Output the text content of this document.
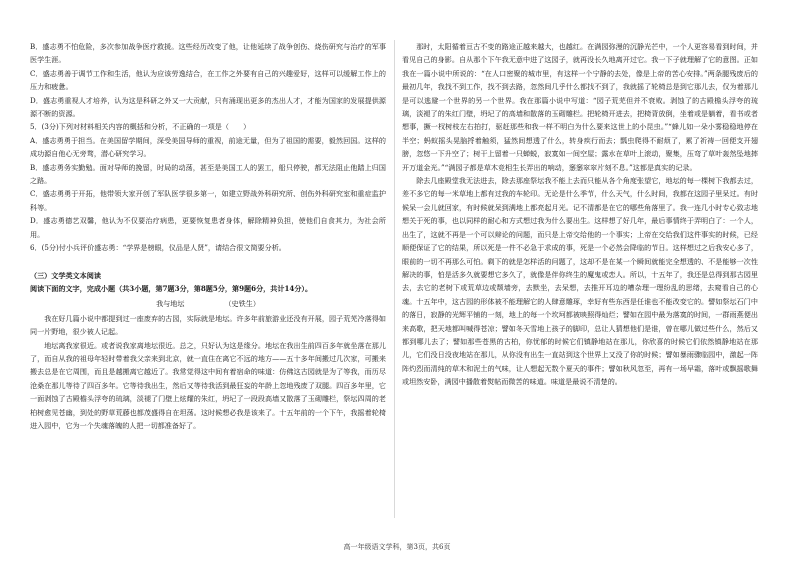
B．盛志勇不怕危险，多次参加战争医疗救援。这些经历改变了他，让他延续了战争创伤、烧伤研究与治疗的军事医学生涯。

C．盛志勇善于调节工作和生活，他认为应该劳逸结合，在工作之外要有自己的兴趣爱好，这样可以缓解工作上的压力和疲惫。

D．盛志勇重视人才培养，认为这是科研之外又一大贡献，只有涌现出更多的杰出人才，才能为国家的发展提供源源不断的资源。

5．(3分)下列对材料相关内容的概括和分析，不正确的一项是（　　）

A．盛志勇勇于担当。在美国留学期间，深受美国导师的重视，前途无量，但为了祖国的需要，毅然回国。这样的成功源自他心无旁骛，潜心研究学习。

B．盛志勇务实勤勉。面对导师的挽留，时局的动荡，甚至是美国工人的罢工，船只停驶，都无法阻止他踏上归国之路。

C．盛志勇勇于开拓，他带领大家开创了军队医学很多第一，如建立野战外科研究所、创伤外科研究室和重症监护科等。

D．盛志勇德艺双馨，他认为不仅要治疗病患，更要恢复患者身体，解除精神负担，使他们自食其力，为社会所用。

6．(5分)付小兵评价盛志勇：“学界是榜眼，仪品是人贤”，请结合很文简要分析。

（三）文学类文本阅读

阅读下面的文字，完成小题（共3小题，第7题3分，第8题5分，第9题6分，共计14分）。

我与地坛	（史铁生）

我在好几篇小说中都提到过一座废弃的古园，实际就是地坛。许多年前旅游业还没有开展，园子荒芜冷落得如同一片野地，很少被人记起。

地坛离我家很近。或者说我家离地坛很近。总之，只好认为这是缘分。地坛在我出生前四百多年就坐落在那儿了，而自从我的祖母年轻时带着我父亲来到北京，就一直住在离它不远的地方——五十多年间搬过几次家，可搬来搬去总是在它周围，而且是越搬离它越近了。我常觉得这中间有着宿命的味道：仿佛这古园就是为了等我，而历尽沧桑在那儿等待了四百多年。它等待我出生，然后又等待我活到最狂妄的年龄上忽地残废了双腿。四百多年里，它一面剥蚀了古殿檐头浮夸的琉璃，淡褪了门壁上炫耀的朱红，坍圮了一段段高墙又散落了玉砌雕栏，祭坛四周的老柏树愈见苍幽，到处的野草荒藤也都茂盛得自在坦荡。这时候想必我是该来了。十五年前的一个下午，我摇着轮椅进入园中，它为一个失魂落魄的人把一切都准备好了。

那时，太阳循着亘古不变的路途正越来越大，也越红。在满园弥漫的沉静光芒中，一个人更容易看到时间，并看见自己的身影。自从那个下午我无意中进了这园子，就再没长久地离开过它。我一下子就理解了它的意图。正如我在一篇小说中所说的：“在人口密聚的城市里，有这样一个宁静的去处，像是上帝的苦心安排。”两条腿残废后的最初几年，我找不到工作，找不到去路，忽然间几乎什么都找不到了，我就摇了轮椅总是到它那儿去，仅为着那儿是可以逃避一个世界的另一个世界。我在那篇小说中写道：“园子荒芜但并不衰败。剥蚀了的古殿檐头浮夸的琉璃，淡褪了的朱红门壁，坍圮了的高墙和散落的玉砌雕栏。把轮椅开进去，把椅背放倒，坐着或是躺着，看书或者想事，撅一杈树枝左右拍打，驱赶那些和我一样不明白为什么要来这世上的小昆虫。”“蜂儿如一朵小雾稳稳地停在半空；蚂蚁摇头晃脑捋着触须，猛然间想透了什么，转身疾行而去；瓢虫爬得不耐烦了，累了祈祷一回便支开翅膀，忽悠一下升空了；树干上留着一只蝉蜕，寂寞如一间空屋；露水在草叶上滚动，聚集，压弯了草叶轰然坠地摔开万道金光。”“满园子都是草木竞相生长弄出的响动，窸窸窣窣片刻不息。”这都是真实的记录。

除去几座殿堂我无法进去，除去那座祭坛我不能上去而只能从各个角度张望它，地坛的每一棵树下我都去过，差不多它的每一米草地上都有过我的车轮印。无论是什么季节，什么天气，什么时间，我都在这园子里呆过。有时候呆一会儿就回家，有时候就呆到满地上都亮起月光。记不清都是在它的哪些角落里了。我一连几小时专心致志地想关于死的事，也以同样的耐心和方式想过我为什么要出生。这样想了好几年，最后事情终于弄明白了：一个人，出生了，这就不再是一个可以辩论的问题，而只是上帝交给他的一个事实；上帝在交给我们这件事实的时候，已经顺便保证了它的结果，所以死是一件不必急于求成的事，死是一个必然会降临的节日。这样想过之后我安心多了，眼前的一切不再那么可怕。剩下的就是怎样活的问题了，这却不是在某一个瞬间就能完全想透的、不是能够一次性解决的事，怕是活多久就要想它多久了，就像是伴你终生的魔鬼或恋人。所以，十五年了，我还是总得到那古园里去，去它的老树下或荒草边或颓墙旁，去默坐，去呆想，去推开耳边的嘈杂理一理纷乱的思绪，去窥看自己的心魂。十五年中，这古园的形体被不能理解它的人肆意雕琢，幸好有些东西是任谁也不能改变它的。譬如祭坛石门中的落日，寂静的光辉平铺的一刻，地上的每一个坎坷都被映照得灿烂；譬如在园中最为落寞的时间，一群雨燕便出来高歌，把天地都叫喊得苍凉；譬如冬天雪地上孩子的脚印，总让人猜想他们是谁，曾在哪儿做过些什么，然后又都到哪儿去了；譬如那些苍黑的古柏，你忧郁的时候它们镇静地站在那儿，你欣喜的时候它们依然镇静地站在那儿，它们没日没夜地站在那儿，从你没有出生一直站到这个世界上又没了你的时候；譬如暴雨骤临园中，激起一阵阵灼烈而清纯的草木和泥土的气味，让人想起无数个夏天的事件；譬如秋风忽至，再有一场早霜，落叶或飘摇歌舞或坦然安卧，满园中播散着熨帖而微苦的味道。味道是最说不清楚的。

高一年级语文学科，第3页，共6页
